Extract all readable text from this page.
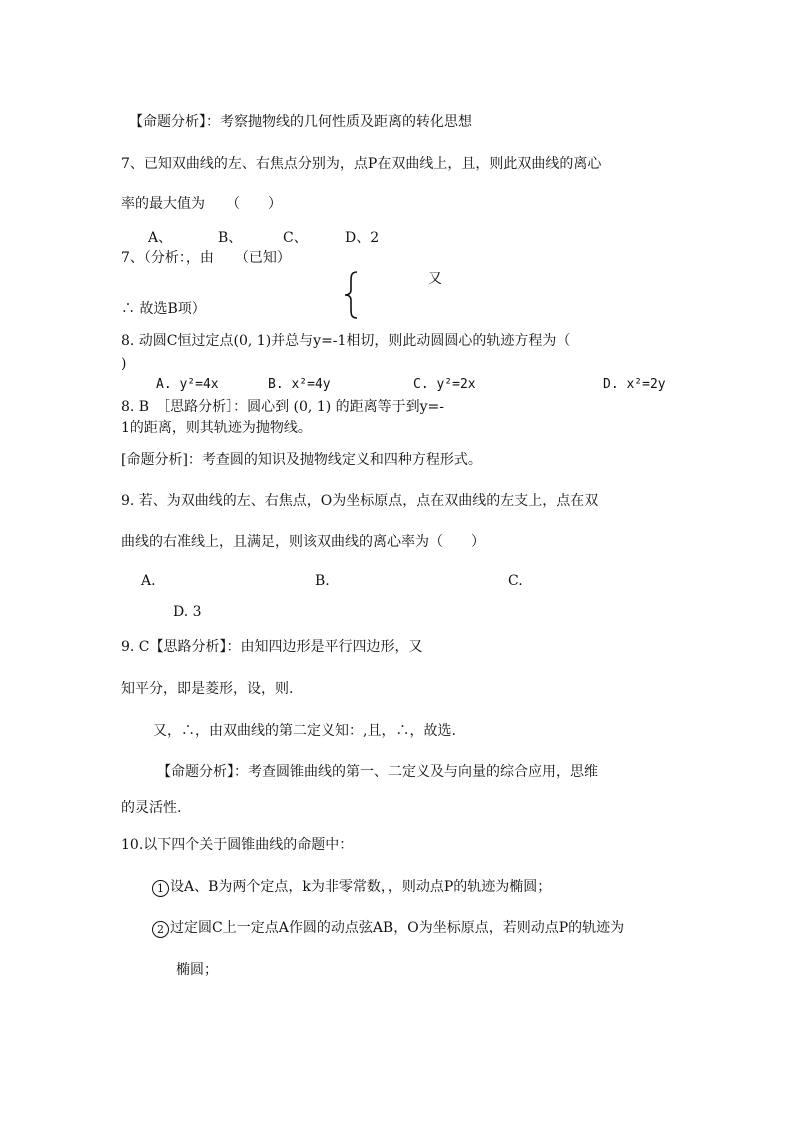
【命题分析】：考察抛物线的几何性质及距离的转化思想
7、已知双曲线的左、右焦点分别为，点P在双曲线上，且，则此双曲线的离心
率的最大值为　　（　　）
A、	B、	C、	D、2
7、（分析：，由　　（已知）
又
∴ 故选B项）
8. 动圆C恒过定点(0, 1)并总与y=-1相切，则此动圆圆心的轨迹方程为（
)
A. y²=4x	B. x²=4y	C. y²=2x	D. x²=2y
8. B　［思路分析］：圆心到 (0, 1) 的距离等于到y=-
1的距离，则其轨迹为抛物线。
[命题分析]：考查圆的知识及抛物线定义和四种方程形式。
9. 若、为双曲线的左、右焦点，O为坐标原点，点在双曲线的左支上，点在双
曲线的右准线上，且满足，则该双曲线的离心率为（　　）
A.	B.	C.
D. 3
9. C【思路分析】：由知四边形是平行四边形，又
知平分，即是菱形，设，则.
又，∴，由双曲线的第二定义知：,且，∴，故选.
【命题分析】：考查圆锥曲线的第一、二定义及与向量的综合应用，思维
的灵活性.
10.以下四个关于圆锥曲线的命题中：
1 设A、B为两个定点，k为非零常数，，则动点P的轨迹为椭圆；
2 过定圆C上一定点A作圆的动点弦AB，O为坐标原点，若则动点P的轨迹为
椭圆；
